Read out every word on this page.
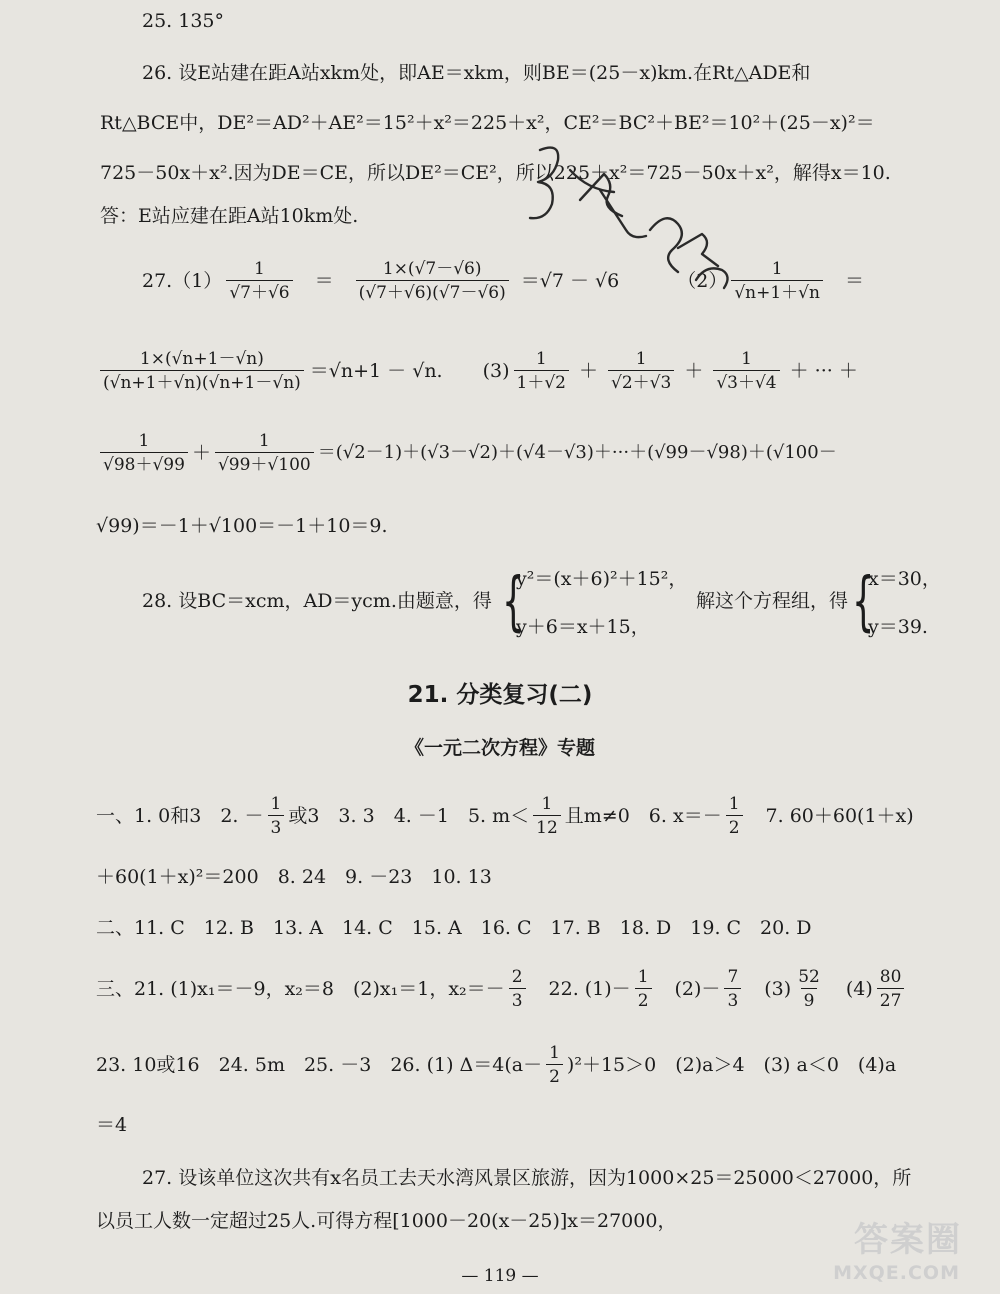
25. 135°
26. 设E站建在距A站xkm处，即AE＝xkm，则BE＝(25－x)km.在Rt△ADE和
Rt△BCE中，DE²＝AD²＋AE²＝15²＋x²＝225＋x²，CE²＝BC²＋BE²＝10²＋(25－x)²＝
725－50x＋x².因为DE＝CE，所以DE²＝CE²，所以225＋x²＝725－50x＋x²，解得x＝10.
答：E站应建在距A站10km处.
$27.(1) \frac{1}{√7+√6} = \frac{1\times(√7-√6)}{(√7+√6)(√7-√6)} =√7 - √6$	$(2) \frac{1}{√n+1+√n}$ ＝
$\frac{1\times(√n+1-√n)}{(√n+1+√n)(√n+1-√n)} =√n+1 - √n$. $(3) \frac{1}{1+√2} + \frac{1}{√2+√3} + \frac{1}{√3+√4}$ ＋ ··· ＋
$\frac{1}{√98+√99} + \frac{1}{√99+√100} =(√2-1)+(√3-√2)+(√4-√3)+\cdot\cdot\cdot+(√99-√98)+(√100-$
√99)＝－1＋√100＝－1＋10＝9.
28. 设BC＝xcm，AD＝ycm.由题意，得 {
y²＝(x＋6)²＋15²，
y＋6＝x＋15，
解这个方程组，得 {
x＝30，
y＝39.
21. 分类复习(二)
《一元二次方程》专题
一、1. 0和3　2. － $\frac{1}{3}$ 或3　3. 3　4. －1　5. $m< \frac{1}{12}$ 且m≠0　6. $x=- \frac{1}{2}$ 　7. 60＋60(1＋x)
＋60(1＋x)²＝200　8. 24　9. －23　10. 13
二、11. C　12. B　13. A　14. C　15. A　16. C　17. B　18. D　19. C　20. D
三、21. (1)x₁＝－9，x₂＝8　(2)x₁＝1，$x_2=- \frac{2}{3}$ 　22. $(1)- \frac{1}{2}$ 　$(2)- \frac{7}{3}$ 　$(3) \frac{52}{9}$ 　$(4) \frac{80}{27}$
23. 10或16　24. 5m　25. －3　26. (1) Δ＝4 $(a- \frac{1}{2} )^2 +15>0$　(2)a＞4　(3) a＜0　(4)a
＝4
27. 设该单位这次共有x名员工去天水湾风景区旅游，因为1000×25＝25000＜27000，所
以员工人数一定超过25人.可得方程[1000－20(x－25)]x＝27000，
— 119 —
答案圈
MXQE.COM
